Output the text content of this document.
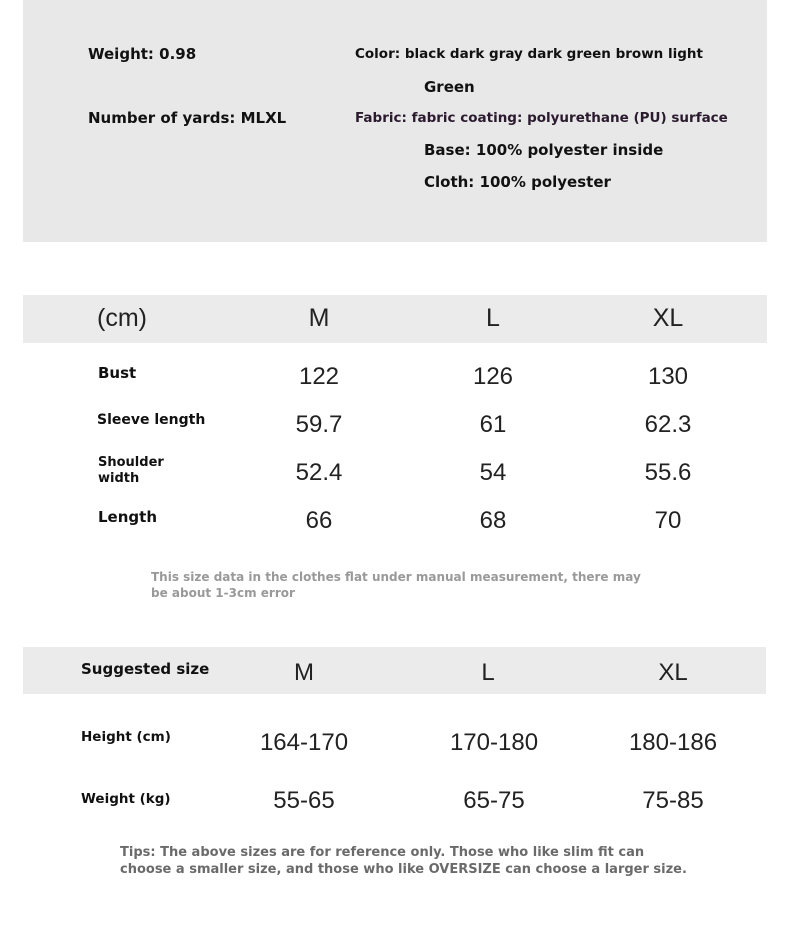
Weight: 0.98
Number of yards: MLXL
Color: black dark gray dark green brown light
Green
Fabric: fabric coating: polyurethane (PU) surface
Base: 100% polyester inside
Cloth: 100% polyester
(cm)	M	L	XL
Bust	122	126	130
Sleeve length	59.7	61	62.3
Shoulder width	52.4	54	55.6
Length	66	68	70
This size data in the clothes flat under manual measurement, there may be about 1-3cm error
Suggested size	M	L	XL
Height (cm)	164-170	170-180	180-186
Weight (kg)	55-65	65-75	75-85
Tips: The above sizes are for reference only. Those who like slim fit can choose a smaller size, and those who like OVERSIZE can choose a larger size.
